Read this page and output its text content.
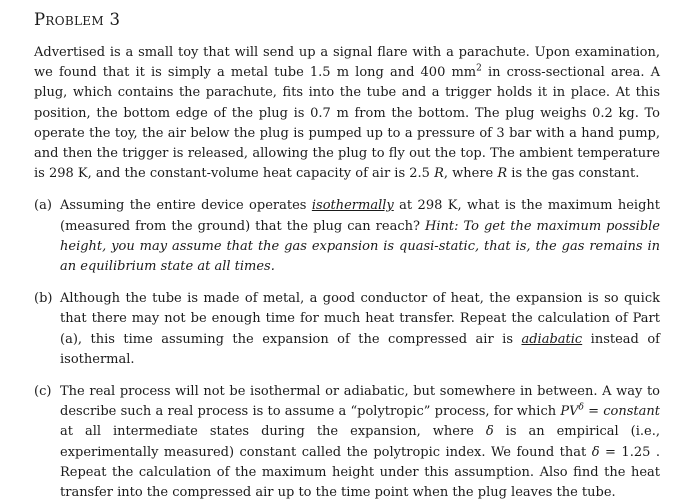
Problem 3

Advertised is a small toy that will send up a signal flare with a parachute. Upon examination, we found that it is simply a metal tube 1.5 m long and 400 $mm^2$ in cross-sectional area. A plug, which contains the parachute, fits into the tube and a trigger holds it in place. At this position, the bottom edge of the plug is 0.7 m from the bottom. The plug weighs 0.2 kg. To operate the toy, the air below the plug is pumped up to a pressure of 3 bar with a hand pump, and then the trigger is released, allowing the plug to fly out the top. The ambient temperature is 298 K, and the constant-volume heat capacity of air is 2.5 R, where R is the gas constant.

(a) Assuming the entire device operates isothermally at 298 K, what is the maximum height (measured from the ground) that the plug can reach? Hint: To get the maximum possible height, you may assume that the gas expansion is quasi-static, that is, the gas remains in an equilibrium state at all times.
(b) Although the tube is made of metal, a good conductor of heat, the expansion is so quick that there may not be enough time for much heat transfer. Repeat the calculation of Part (a), this time assuming the expansion of the compressed air is adiabatic instead of isothermal.
(c) The real process will not be isothermal or adiabatic, but somewhere in between. A way to describe such a real process is to assume a “polytropic” process, for which $PV^\delta$ = constant at all intermediate states during the expansion, where δ is an empirical (i.e., experimentally measured) constant called the polytropic index. We found that δ = 1.25 . Repeat the calculation of the maximum height under this assumption. Also find the heat transfer into the compressed air up to the time point when the plug leaves the tube.
